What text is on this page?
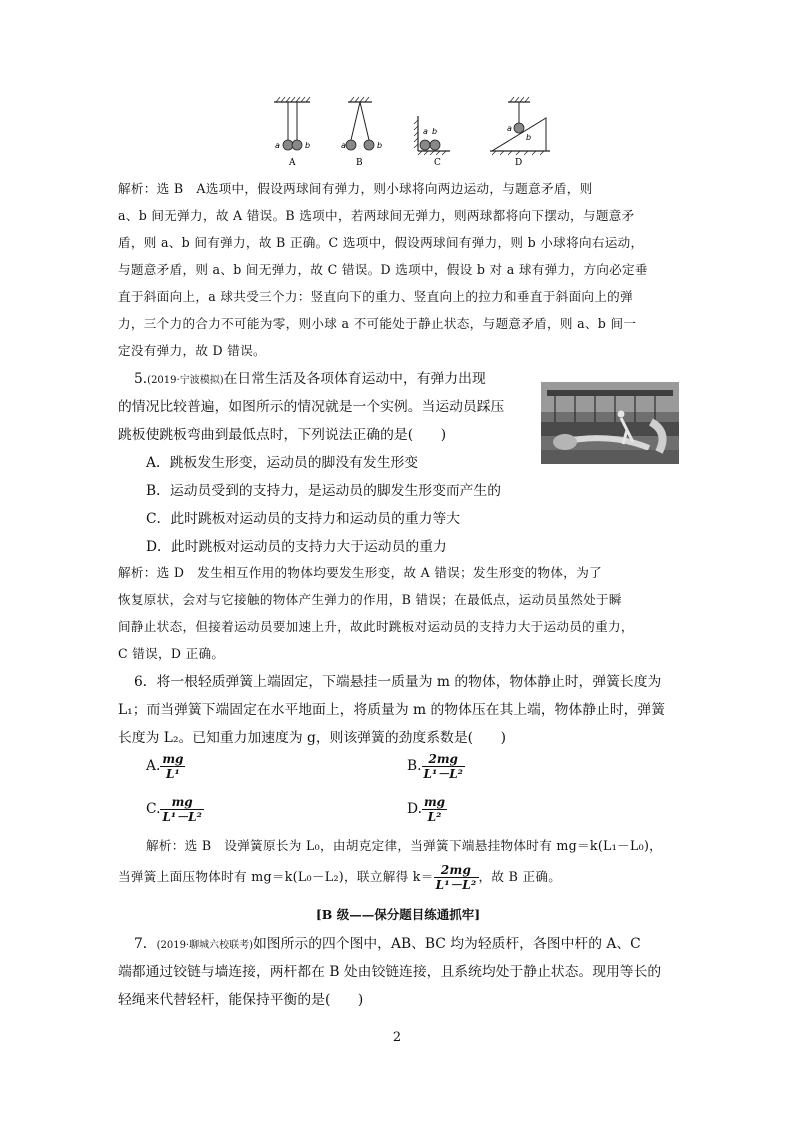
a	b
A
a	b
B
a b
C
a
b
D

解析：选 B　A选项中，假设两球间有弹力，则小球将向两边运动，与题意矛盾，则

a、b 间无弹力，故 A 错误。B 选项中，若两球间无弹力，则两球都将向下摆动，与题意矛

盾，则 a、b 间有弹力，故 B 正确。C 选项中，假设两球间有弹力，则 b 小球将向右运动，

与题意矛盾，则 a、b 间无弹力，故 C 错误。D 选项中，假设 b 对 a 球有弹力，方向必定垂

直于斜面向上，a 球共受三个力：竖直向下的重力、竖直向上的拉力和垂直于斜面向上的弹

力，三个力的合力不可能为零，则小球 a 不可能处于静止状态，与题意矛盾，则 a、b 间一

定没有弹力，故 D 错误。

5.(2019·宁波模拟)在日常生活及各项体育运动中，有弹力出现

的情况比较普遍，如图所示的情况就是一个实例。当运动员踩压

跳板使跳板弯曲到最低点时，下列说法正确的是(　　)

A．跳板发生形变，运动员的脚没有发生形变

B．运动员受到的支持力，是运动员的脚发生形变而产生的

C．此时跳板对运动员的支持力和运动员的重力等大

D．此时跳板对运动员的支持力大于运动员的重力

解析：选 D　发生相互作用的物体均要发生形变，故 A 错误；发生形变的物体，为了

恢复原状，会对与它接触的物体产生弹力的作用，B 错误；在最低点，运动员虽然处于瞬

间静止状态，但接着运动员要加速上升，故此时跳板对运动员的支持力大于运动员的重力，

C 错误，D 正确。

6．将一根轻质弹簧上端固定，下端悬挂一质量为 m 的物体，物体静止时，弹簧长度为

L₁；而当弹簧下端固定在水平地面上，将质量为 m 的物体压在其上端，物体静止时，弹簧

长度为 L₂。已知重力加速度为 g，则该弹簧的劲度系数是(　　)

A. $\frac{mg}{\text{L¹}}$	B. $\frac{2mg}{\text{L¹－L²}}$
C. $\frac{mg}{\text{L¹－L²}}$	D. $\frac{mg}{\text{L²}}$

解析：选 B　设弹簧原长为 L₀，由胡克定律，当弹簧下端悬挂物体时有 mg＝k(L₁－L₀)，

当弹簧上面压物体时有 mg＝k(L₀－L₂)，联立解得 $k= \frac{2mg}{\text{L¹－L²}}$ ，故 B 正确。

[B 级——保分题目练通抓牢]

7．(2019·聊城六校联考)如图所示的四个图中，AB、BC 均为轻质杆，各图中杆的 A、C

端都通过铰链与墙连接，两杆都在 B 处由铰链连接，且系统均处于静止状态。现用等长的

轻绳来代替轻杆，能保持平衡的是(　　)

2
